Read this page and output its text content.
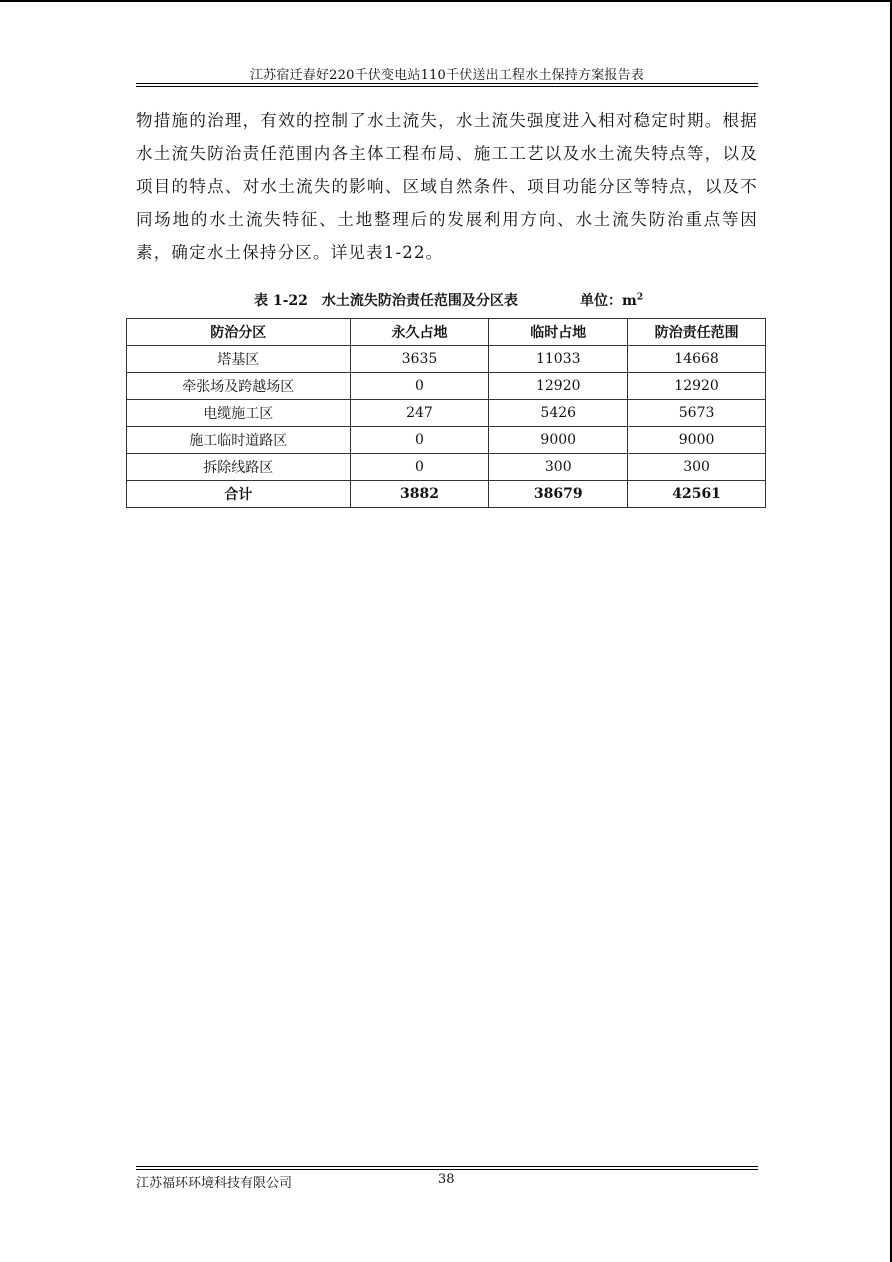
江苏宿迁春好220千伏变电站110千伏送出工程水土保持方案报告表

物措施的治理，有效的控制了水土流失，水土流失强度进入相对稳定时期。根据水土流失防治责任范围内各主体工程布局、施工工艺以及水土流失特点等，以及项目的特点、对水土流失的影响、区域自然条件、项目功能分区等特点，以及不同场地的水土流失特征、土地整理后的发展利用方向、水土流失防治重点等因素，确定水土保持分区。详见表1-22。

表 1-22　水土流失防治责任范围及分区表	单位：$m^2$
防治分区	永久占地	临时占地	防治责任范围
塔基区	3635	11033	14668
牵张场及跨越场区	0	12920	12920
电缆施工区	247	5426	5673
施工临时道路区	0	9000	9000
拆除线路区	0	300	300
合计	3882	38679	42561
江苏福环环境科技有限公司	38
